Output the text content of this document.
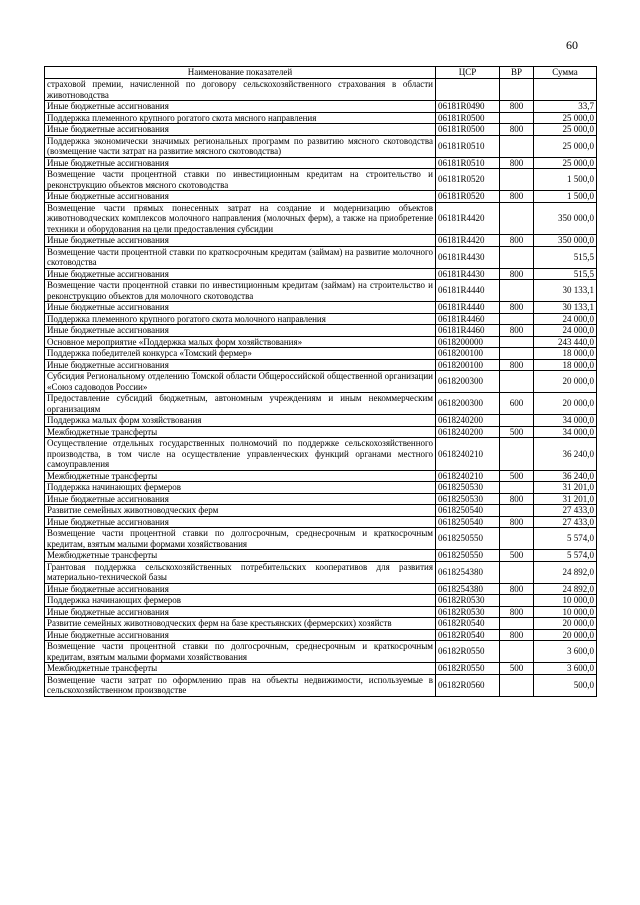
60
Наименование показателей	ЦСР	ВР	Сумма
страховой премии, начисленной по договору сельскохозяйственного страхования в области животноводства			
Иные бюджетные ассигнования	06181R0490	800	33,7
Поддержка племенного крупного рогатого скота мясного направления	06181R0500		25 000,0
Иные бюджетные ассигнования	06181R0500	800	25 000,0
Поддержка экономически значимых региональных программ по развитию мясного скотоводства (возмещение части затрат на развитие мясного скотоводства)	06181R0510		25 000,0
Иные бюджетные ассигнования	06181R0510	800	25 000,0
Возмещение части процентной ставки по инвестиционным кредитам на строительство и реконструкцию объектов мясного скотоводства	06181R0520		1 500,0
Иные бюджетные ассигнования	06181R0520	800	1 500,0
Возмещение части прямых понесенных затрат на создание и модернизацию объектов животноводческих комплексов молочного направления (молочных ферм), а также на приобретение техники и оборудования на цели предоставления субсидии	06181R4420		350 000,0
Иные бюджетные ассигнования	06181R4420	800	350 000,0
Возмещение части процентной ставки по краткосрочным кредитам (займам) на развитие молочного скотоводства	06181R4430		515,5
Иные бюджетные ассигнования	06181R4430	800	515,5
Возмещение части процентной ставки по инвестиционным кредитам (займам) на строительство и реконструкцию объектов для молочного скотоводства	06181R4440		30 133,1
Иные бюджетные ассигнования	06181R4440	800	30 133,1
Поддержка племенного крупного рогатого скота молочного направления	06181R4460		24 000,0
Иные бюджетные ассигнования	06181R4460	800	24 000,0
Основное мероприятие «Поддержка малых форм хозяйствования»	0618200000		243 440,0
Поддержка победителей конкурса «Томский фермер»	0618200100		18 000,0
Иные бюджетные ассигнования	0618200100	800	18 000,0
Субсидия Региональному отделению Томской области Общероссийской общественной организации «Союз садоводов России»	0618200300		20 000,0
Предоставление субсидий бюджетным, автономным учреждениям и иным некоммерческим организациям	0618200300	600	20 000,0
Поддержка малых форм хозяйствования	0618240200		34 000,0
Межбюджетные трансферты	0618240200	500	34 000,0
Осуществление отдельных государственных полномочий по поддержке сельскохозяйственного производства, в том числе на осуществление управленческих функций органами местного самоуправления	0618240210		36 240,0
Межбюджетные трансферты	0618240210	500	36 240,0
Поддержка начинающих фермеров	0618250530		31 201,0
Иные бюджетные ассигнования	0618250530	800	31 201,0
Развитие семейных животноводческих ферм	0618250540		27 433,0
Иные бюджетные ассигнования	0618250540	800	27 433,0
Возмещение части процентной ставки по долгосрочным, среднесрочным и краткосрочным кредитам, взятым малыми формами хозяйствования	0618250550		5 574,0
Межбюджетные трансферты	0618250550	500	5 574,0
Грантовая поддержка сельскохозяйственных потребительских кооперативов для развития материально-технической базы	0618254380		24 892,0
Иные бюджетные ассигнования	0618254380	800	24 892,0
Поддержка начинающих фермеров	06182R0530		10 000,0
Иные бюджетные ассигнования	06182R0530	800	10 000,0
Развитие семейных животноводческих ферм на базе крестьянских (фермерских) хозяйств	06182R0540		20 000,0
Иные бюджетные ассигнования	06182R0540	800	20 000,0
Возмещение части процентной ставки по долгосрочным, среднесрочным и краткосрочным кредитам, взятым малыми формами хозяйствования	06182R0550		3 600,0
Межбюджетные трансферты	06182R0550	500	3 600,0
Возмещение части затрат по оформлению прав на объекты недвижимости, используемые в сельскохозяйственном производстве	06182R0560		500,0
